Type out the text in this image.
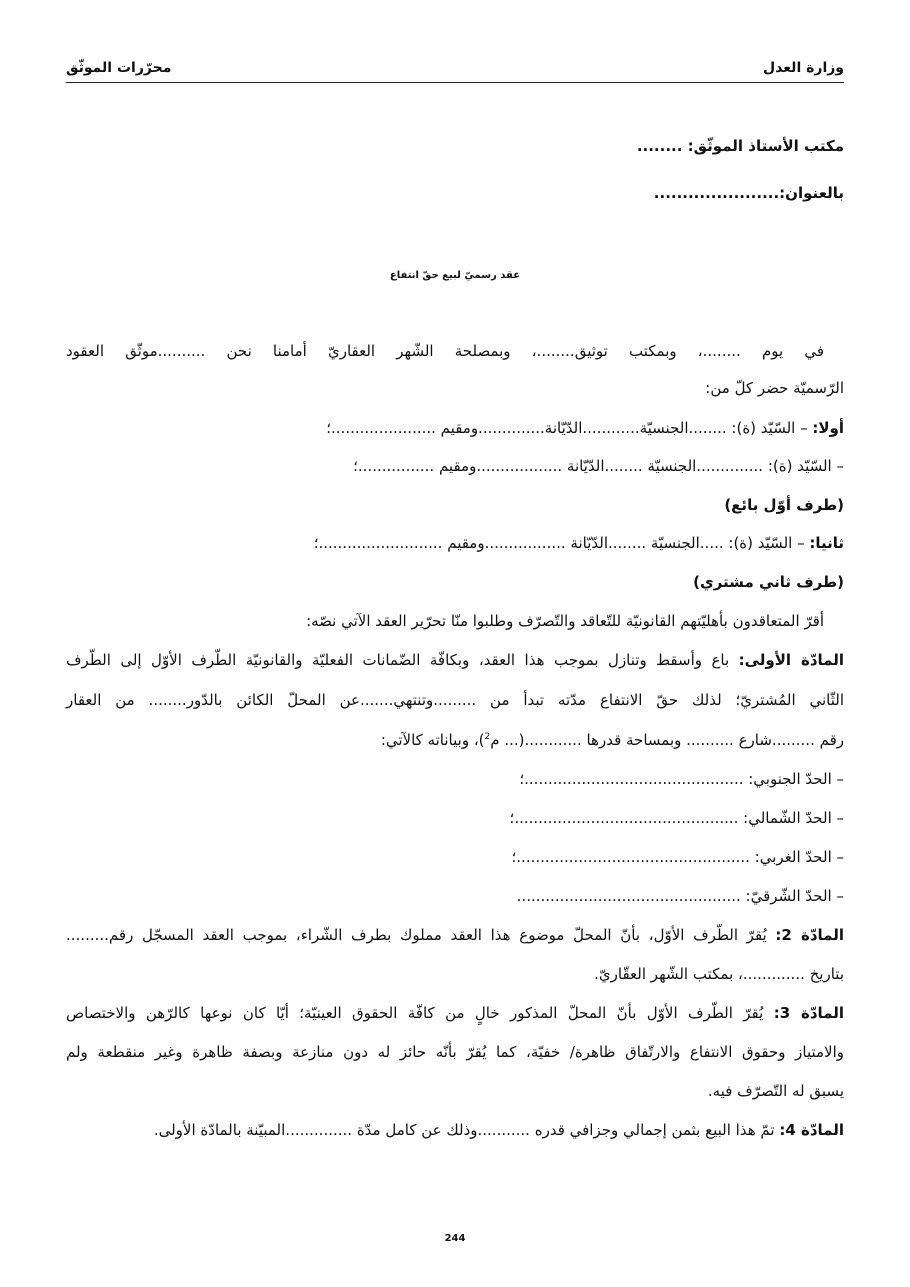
وزارة العدل
محرّرات الموثّق
مكتب الأستاذ الموثّق: ........
بالعنوان:......................
عقد رسميّ لبيع حقّ انتفاع
في يوم ........، وبمكتب توثيق........، وبمصلحة الشّهر العقاريّ أمامنا نحن ..........موثّق العقود
الرّسميّة حضر كلّ من:
أولا: – السّيّد (ة): ........الجنسيّة............الدّيّانة..............ومقيم ......................؛
– السّيّد (ة): ..............الجنسيّة ........الدّيّانة ..................ومقيم ................؛
(طرف أوّل بائع)
ثانيا: – السّيّد (ة): .....الجنسيّة ........الدّيّانة .................ومقيم ..........................؛
(طرف ثاني مشتري)
أقرّ المتعاقدون بأهليّتهم القانونيّة للتّعاقد والتّصرّف وطلبوا منّا تحرّير العقد الآتي نصّه:
المادّة الأولى: باع وأسقط وتنازل بموجب هذا العقد، وبكافّة الضّمانات الفعليّة والقانونيّة الطّرف الأوّل إلى الطّرف
الثّاني المُشتريّ؛ لذلك حقّ الانتفاع مدّته تبدأ من .........وتنتهي.......عن المحلّ الكائن بالدّور........ من العقار
رقم .........شارع .......... وبمساحة قدرها ............(... م$^2$)، وبياناته كالآتي:
– الحدّ الجنوبي: ..............................................؛
– الحدّ الشّمالي: ...............................................؛
– الحدّ الغربي: .................................................؛
– الحدّ الشّرقيّ: ...............................................
المادّة 2: يُقرّ الطّرف الأوّل، بأنّ المحلّ موضوع هذا العقد مملوك بطرف الشّراء، بموجب العقد المسجّل رقم.........
بتاريخ .............، بمكتب الشّهر العقّاريّ.
المادّة 3: يُقرّ الطّرف الأوّل بأنّ المحلّ المذكور خالٍ من كافّة الحقوق العينيّة؛ أيّا كان نوعها كالرّهن والاختصاص
والامتياز وحقوق الانتفاع والارتّفاق ظاهرة/ خفيّة، كما يُقرّ بأنّه حائز له دون منازعة وبصفة ظاهرة وغير منقطعة ولم
يسبق له التّصرّف فيه.
المادّة 4: تمّ هذا البيع بثمن إجمالي وجزافي قدره ...........وذلك عن كامل مدّة ..............المبيّنة بالمادّة الأولى.
244
